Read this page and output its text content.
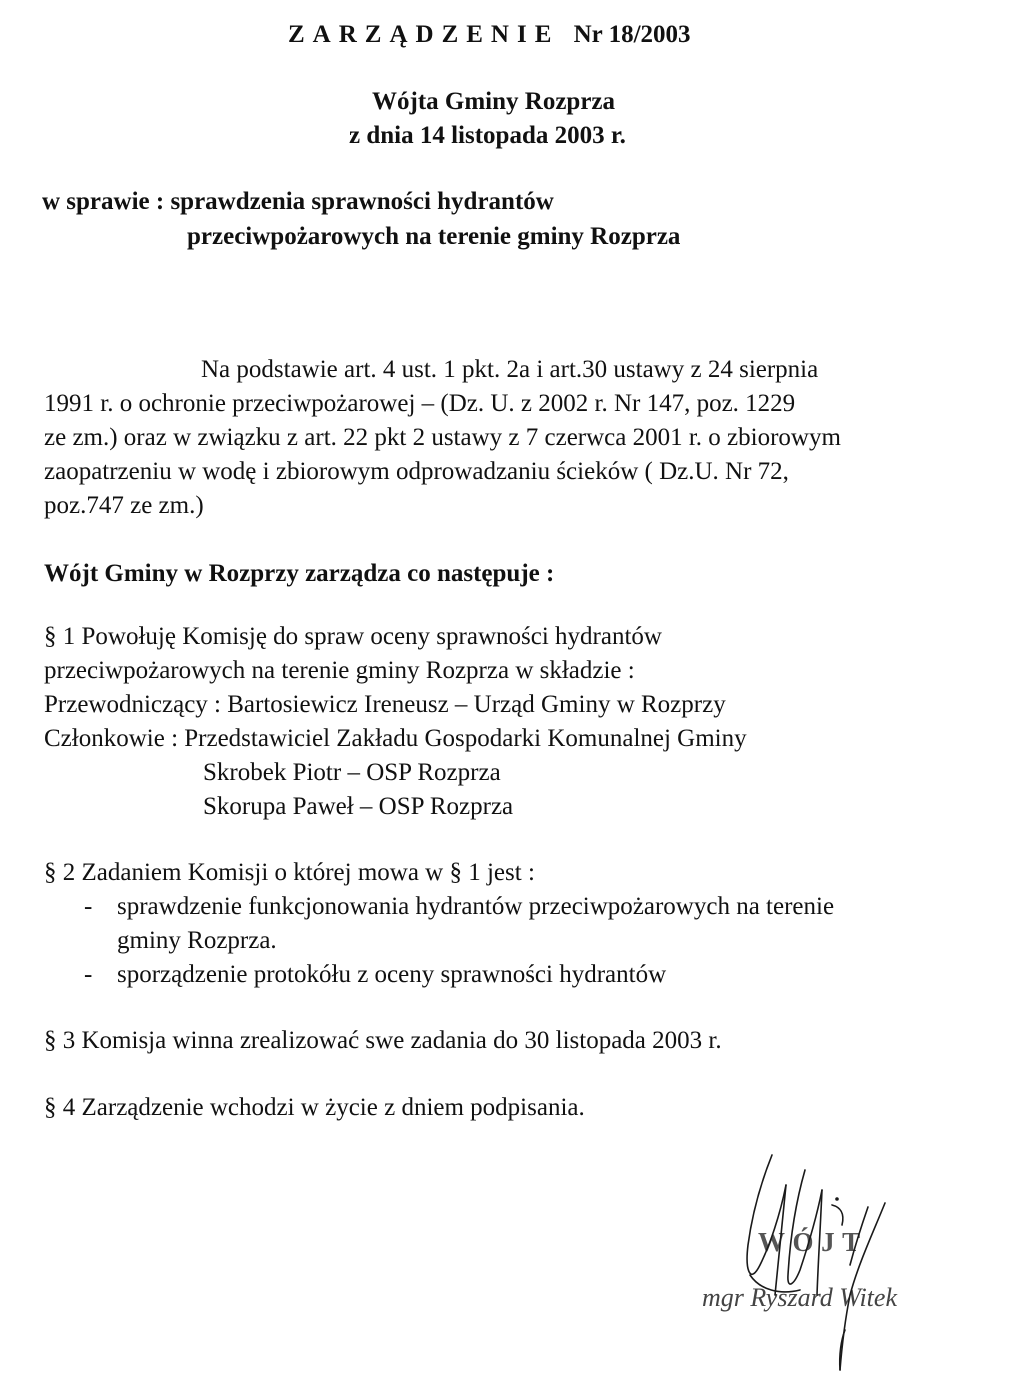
ZARZĄDZENIE Nr 18/2003
Wójta Gminy Rozprza
z dnia 14 listopada 2003 r.
w sprawie : sprawdzenia sprawności hydrantów
przeciwpożarowych na terenie gminy Rozprza
Na podstawie art. 4 ust. 1 pkt. 2a i art.30 ustawy z 24 sierpnia
1991 r. o ochronie przeciwpożarowej – (Dz. U. z 2002 r. Nr 147, poz. 1229
ze zm.) oraz w związku z art. 22 pkt 2 ustawy z 7 czerwca 2001 r. o zbiorowym
zaopatrzeniu w wodę i zbiorowym odprowadzaniu ścieków ( Dz.U. Nr 72,
poz.747 ze zm.)
Wójt Gminy w Rozprzy zarządza co następuje :
§ 1 Powołuję Komisję do spraw oceny sprawności hydrantów
przeciwpożarowych na terenie gminy Rozprza w składzie :
Przewodniczący : Bartosiewicz Ireneusz – Urząd Gminy w Rozprzy
Członkowie : Przedstawiciel Zakładu Gospodarki Komunalnej Gminy
Skrobek Piotr – OSP Rozprza
Skorupa Paweł – OSP Rozprza
§ 2 Zadaniem Komisji o której mowa w § 1 jest :
- sprawdzenie funkcjonowania hydrantów przeciwpożarowych na terenie
gminy Rozprza.
- sporządzenie protokółu z oceny sprawności hydrantów
§ 3 Komisja winna zrealizować swe zadania do 30 listopada 2003 r.
§ 4 Zarządzenie wchodzi w życie z dniem podpisania.
WÓJT
mgr Ryszard Witek
